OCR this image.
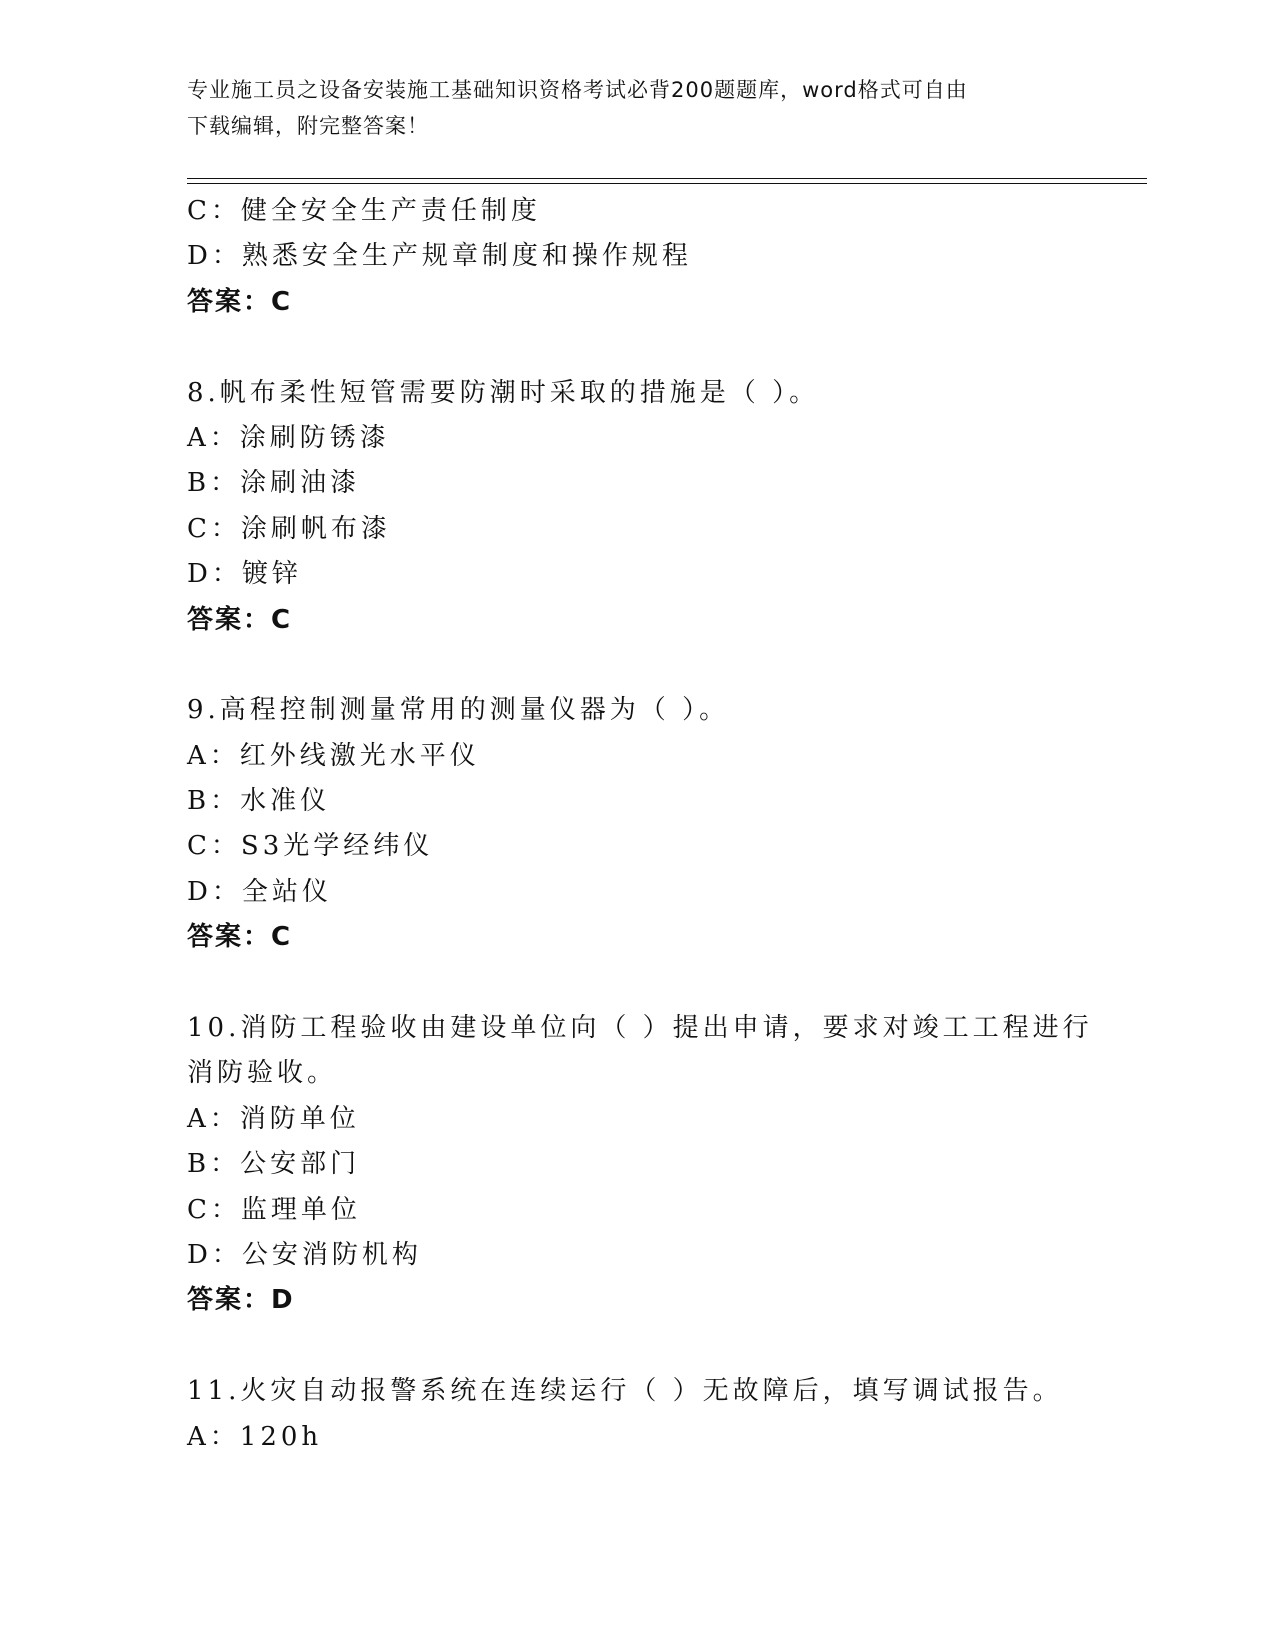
专业施工员之设备安装施工基础知识资格考试必背200题题库，word格式可自由
下载编辑，附完整答案！
C：健全安全生产责任制度
D：熟悉安全生产规章制度和操作规程
答案：C
8.帆布柔性短管需要防潮时采取的措施是（ ）。
A：涂刷防锈漆
B：涂刷油漆
C：涂刷帆布漆
D：镀锌
答案：C
9.高程控制测量常用的测量仪器为（ ）。
A：红外线激光水平仪
B：水准仪
C：S3光学经纬仪
D：全站仪
答案：C
10.消防工程验收由建设单位向（ ）提出申请，要求对竣工工程进行
消防验收。
A：消防单位
B：公安部门
C：监理单位
D：公安消防机构
答案：D
11.火灾自动报警系统在连续运行（ ）无故障后，填写调试报告。
A：120h
